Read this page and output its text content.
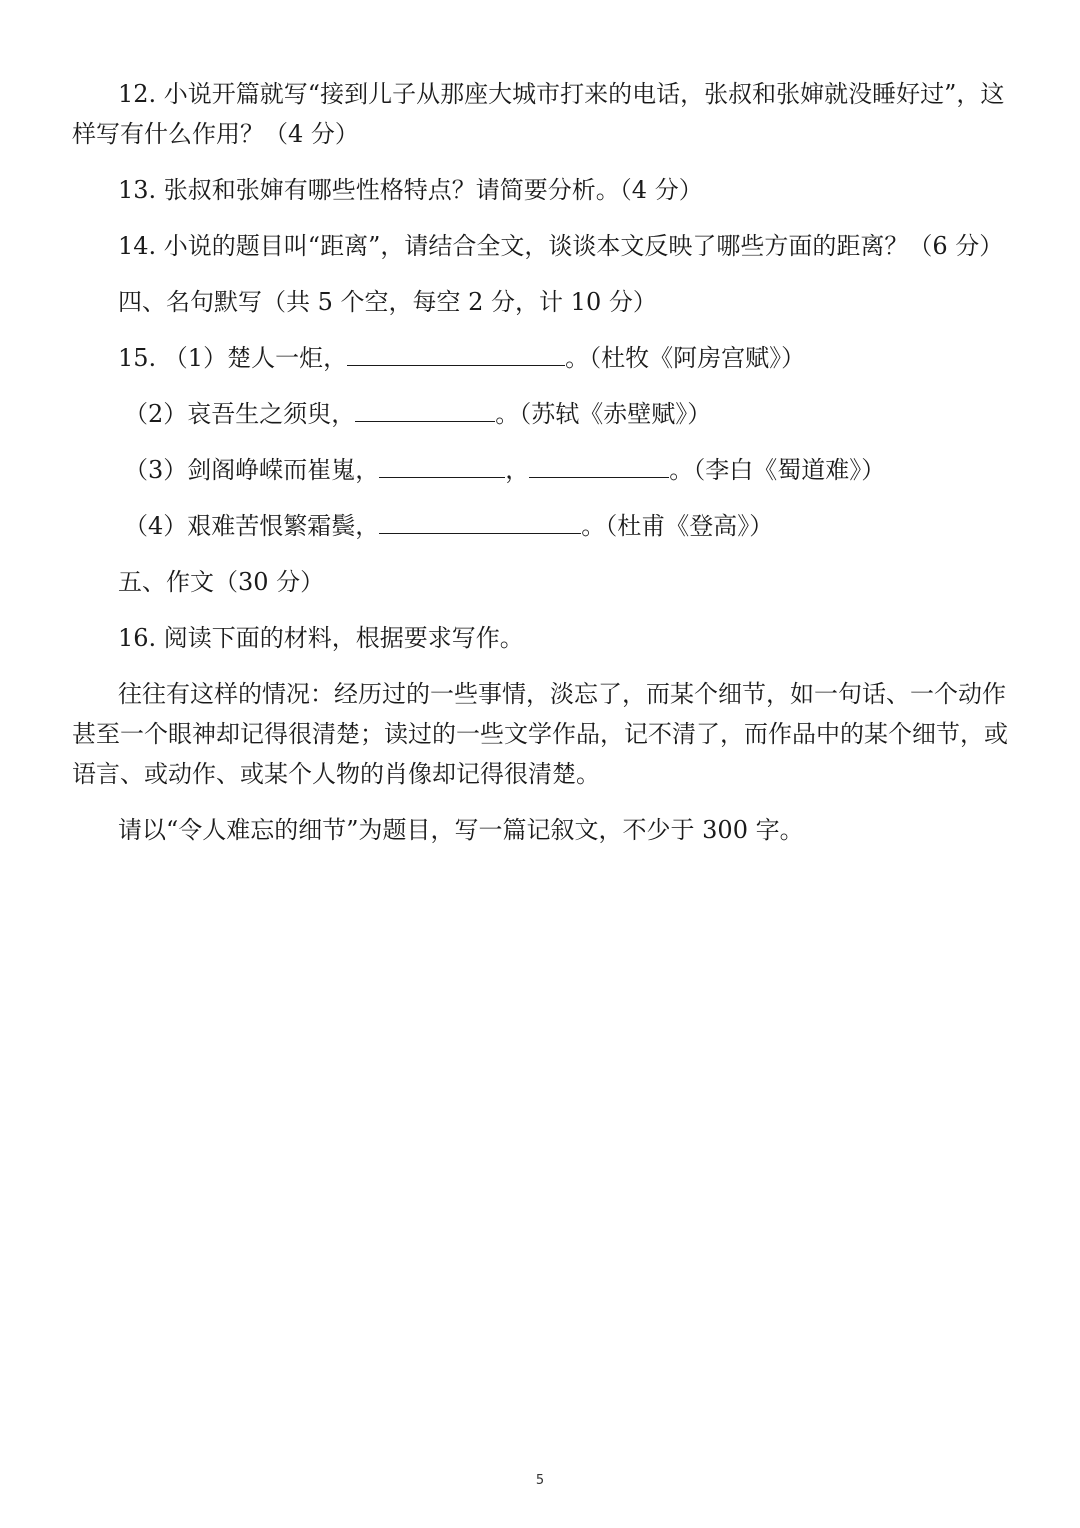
12. 小说开篇就写“接到儿子从那座大城市打来的电话，张叔和张婶就没睡好过”，这样写有什么作用？（4 分）

13. 张叔和张婶有哪些性格特点？请简要分析。（4 分）

14. 小说的题目叫“距离”，请结合全文，谈谈本文反映了哪些方面的距离？（6 分）

四、名句默写（共 5 个空，每空 2 分，计 10 分）

15. （1）楚人一炬，	。（杜牧《阿房宫赋》）

（2）哀吾生之须臾，	。（苏轼《赤壁赋》）

（3）剑阁峥嵘而崔嵬，	，	。（李白《蜀道难》）

（4）艰难苦恨繁霜鬓，	。（杜甫《登高》）

五、作文（30 分）

16. 阅读下面的材料，根据要求写作。

往往有这样的情况：经历过的一些事情，淡忘了，而某个细节，如一句话、一个动作甚至一个眼神却记得很清楚；读过的一些文学作品，记不清了，而作品中的某个细节，或语言、或动作、或某个人物的肖像却记得很清楚。

请以“令人难忘的细节”为题目，写一篇记叙文，不少于 300 字。

5
